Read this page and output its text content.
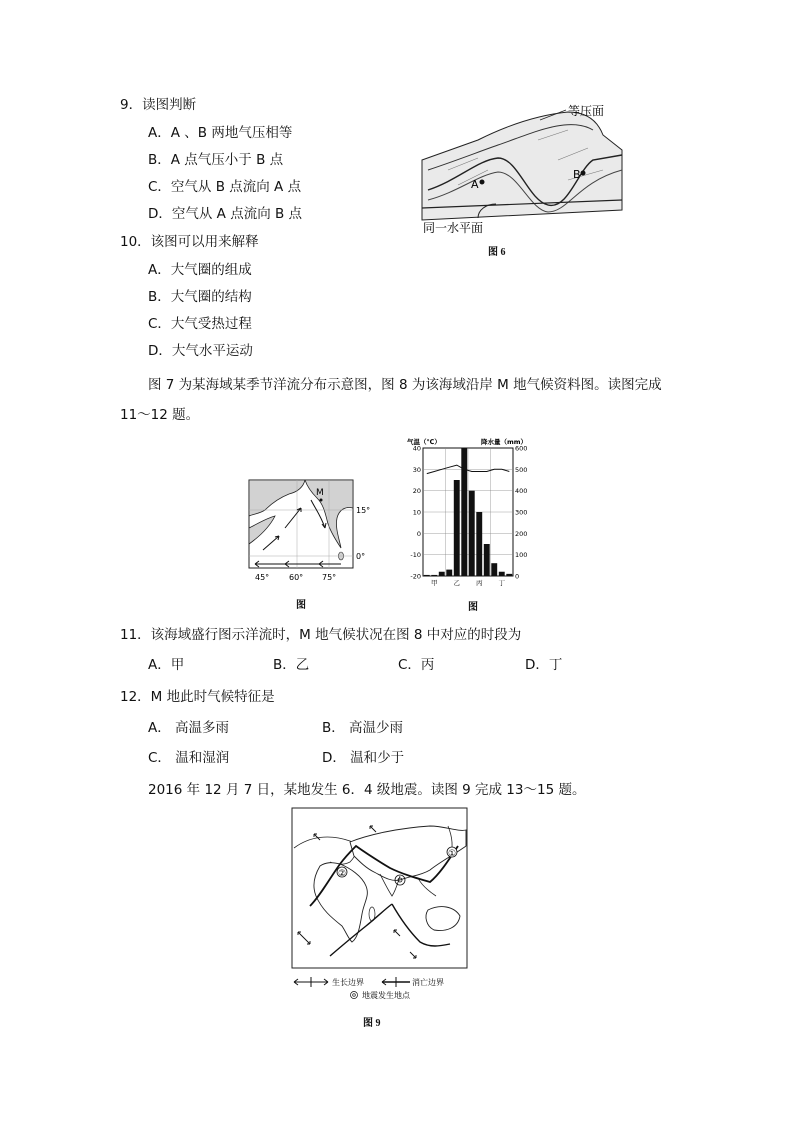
9．读图判断
A．A 、B 两地气压相等
B．A 点气压小于 B 点
C．空气从 B 点流向 A 点
D．空气从 A 点流向 B 点
A
B
等压面
同一水平面
图 6
10．该图可以用来解释
A．大气圈的组成
B．大气圈的结构
C．大气受热过程
D．大气水平运动
图 7 为某海域某季节洋流分布示意图，图 8 为该海域沿岸 M 地气候资料图。读图完成
11～12 题。
M
15°
0°
45° 60° 75°
图
气温（℃）	降水量（mm）
40
30
20
10
0
-10
-20
600
500
400
300
200
100
0
甲 乙 丙 丁
图
11．该海域盛行图示洋流时，M 地气候状况在图 8 中对应的时段为
A．甲	B．乙	C．丙	D．丁
12．M 地此时气候特征是
A． 高温多雨	B． 高温少雨
C． 温和湿润	D． 温和少于
2016 年 12 月 7 日，某地发生 6．4 级地震。读图 9 完成 13～15 题。
①
②
生长边界	消亡边界
地震发生地点
图 9
